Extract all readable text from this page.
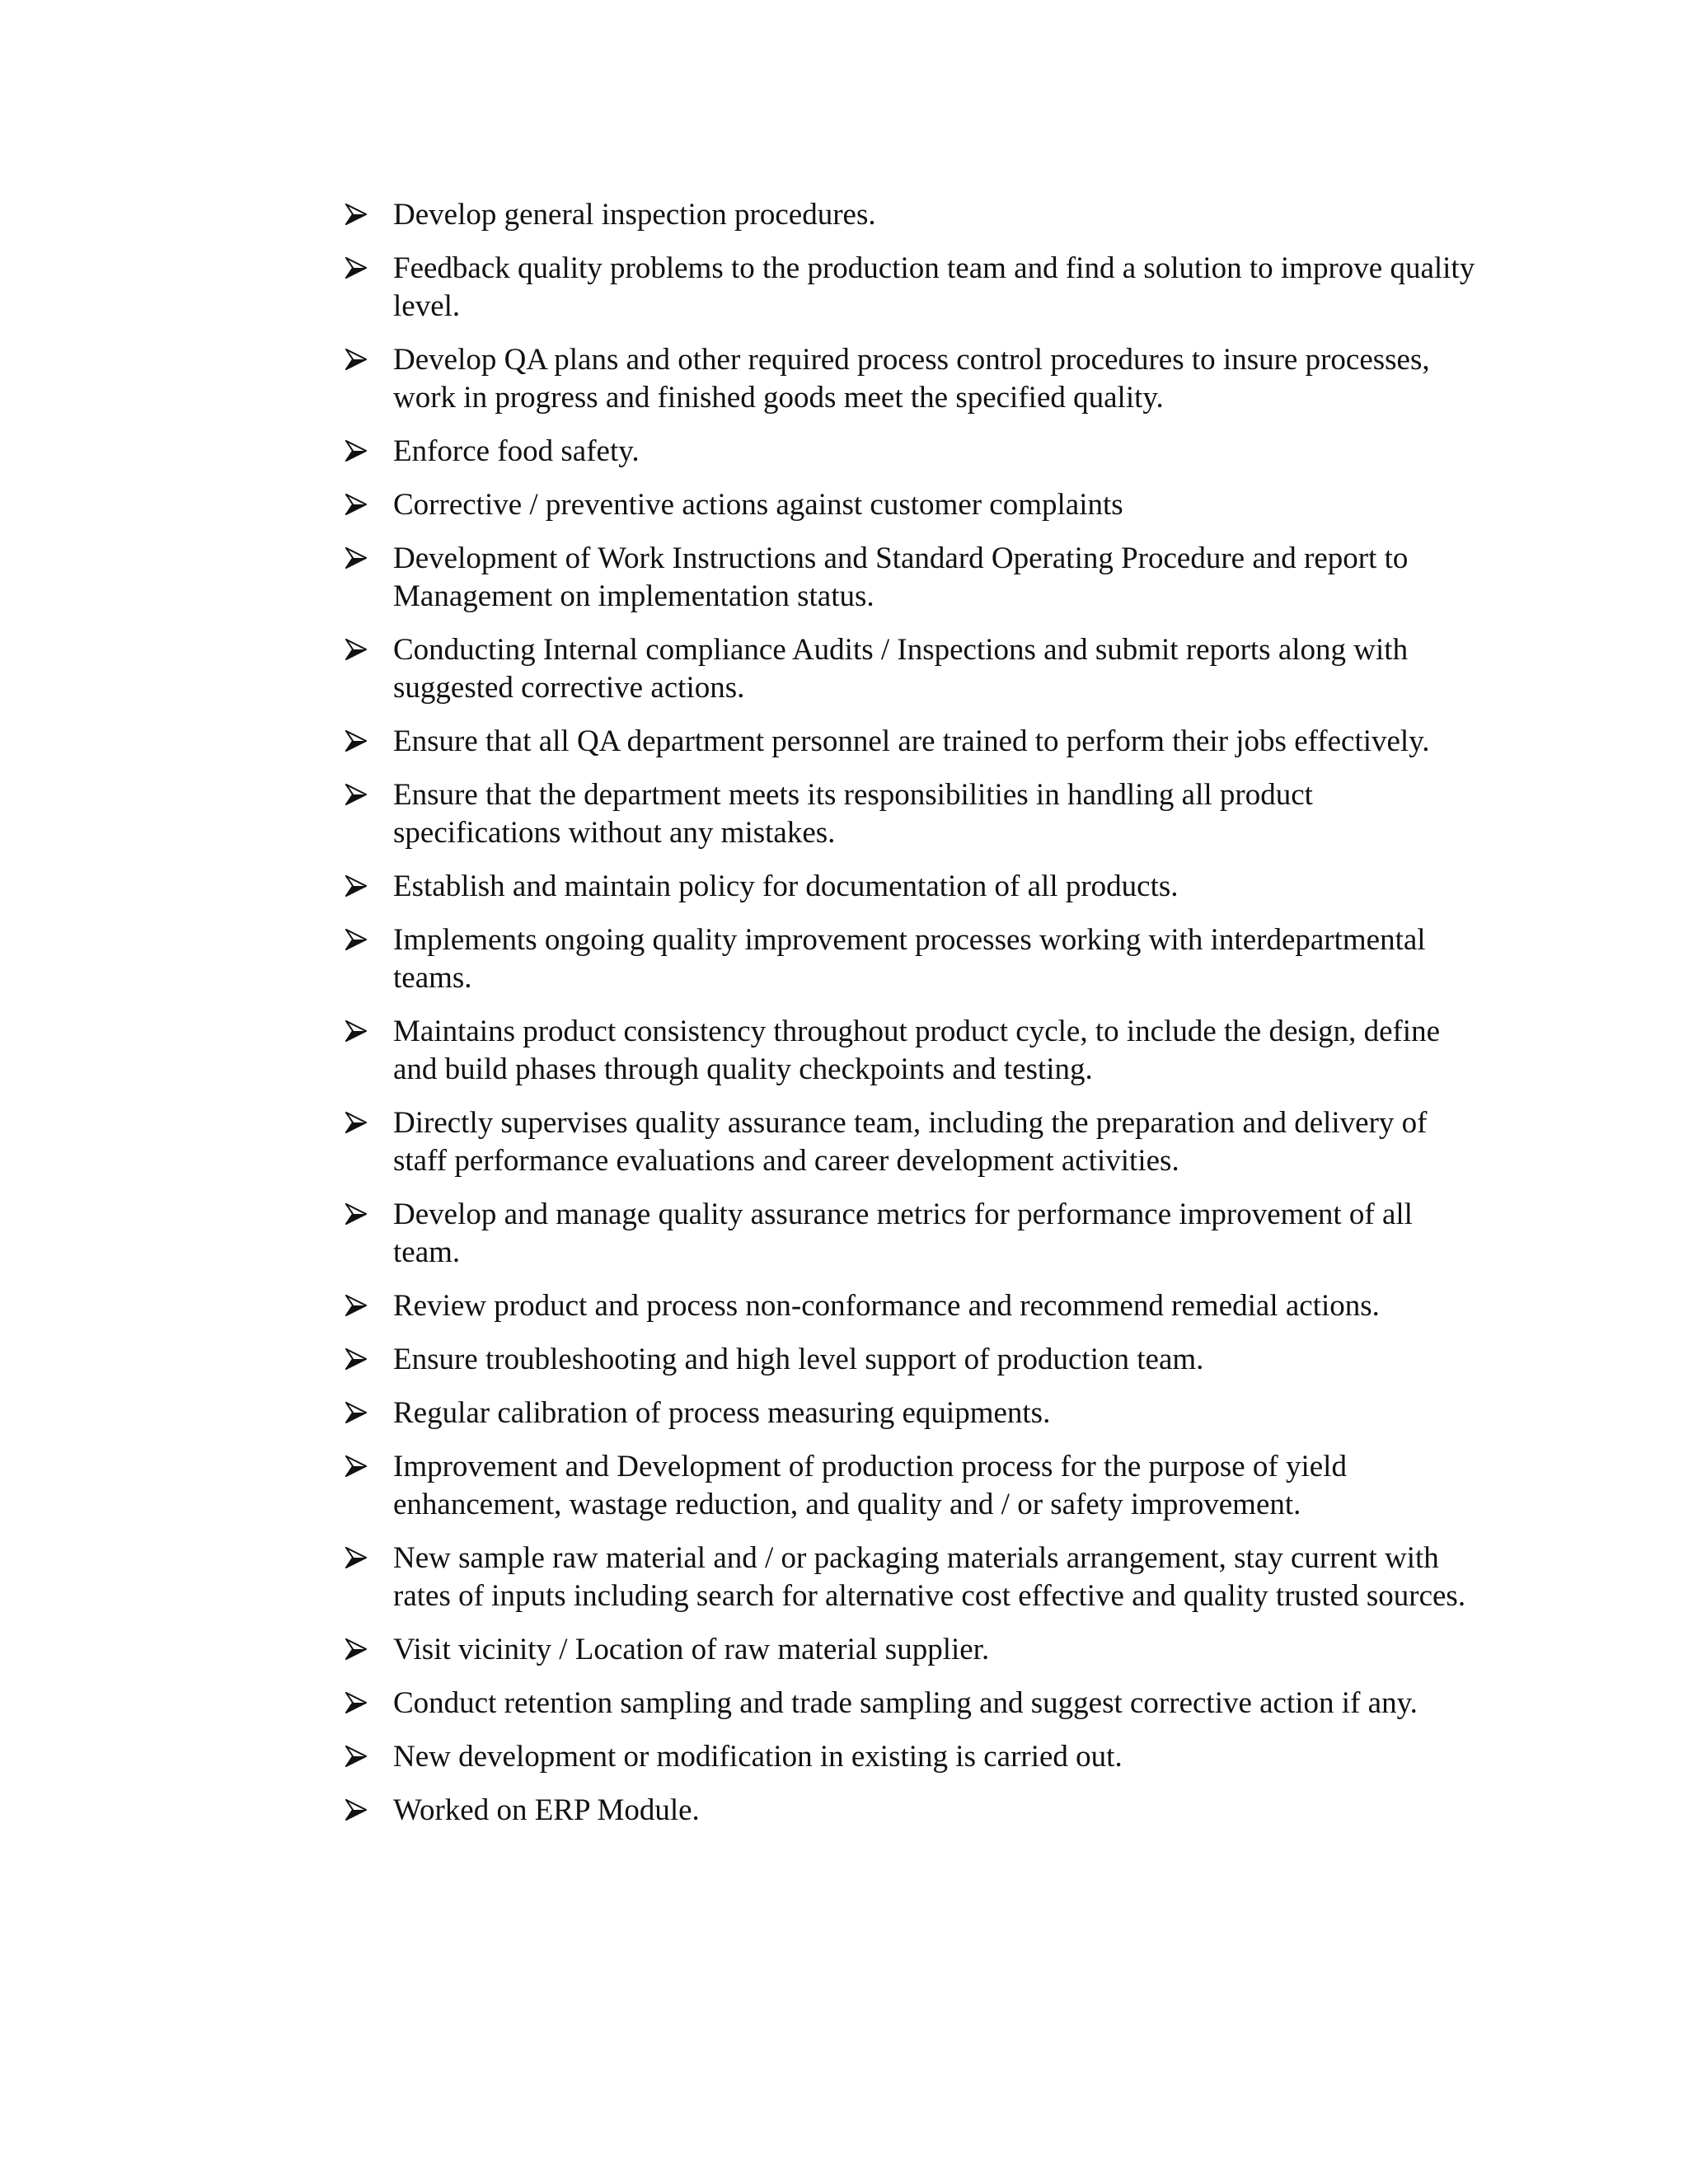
Develop general inspection procedures.
Feedback quality problems to the production team and find a solution to improve quality level.
Develop QA plans and other required process control procedures to insure processes, work in progress and finished goods meet the specified quality.
Enforce food safety.
Corrective / preventive actions against customer complaints
Development of Work Instructions and Standard Operating Procedure and report to Management on implementation status.
Conducting Internal compliance Audits / Inspections and submit reports along with suggested corrective actions.
Ensure that all QA department personnel are trained to perform their jobs effectively.
Ensure that the department meets its responsibilities in handling all product specifications without any mistakes.
Establish and maintain policy for documentation of all products.
Implements ongoing quality improvement processes working with interdepartmental teams.
Maintains product consistency throughout product cycle, to include the design, define and build phases through quality checkpoints and testing.
Directly supervises quality assurance team, including the preparation and delivery of staff performance evaluations and career development activities.
Develop and manage quality assurance metrics for performance improvement of all team.
Review product and process non-conformance and recommend remedial actions.
Ensure troubleshooting and high level support of production team.
Regular calibration of process measuring equipments.
Improvement and Development of production process for the purpose of yield enhancement, wastage reduction, and quality and / or safety improvement.
New sample raw material and / or packaging materials arrangement, stay current with rates of inputs including search for alternative cost effective and quality trusted sources.
Visit vicinity / Location of raw material supplier.
Conduct retention sampling and trade sampling and suggest corrective action if any.
New development or modification in existing is carried out.
Worked on ERP Module.
